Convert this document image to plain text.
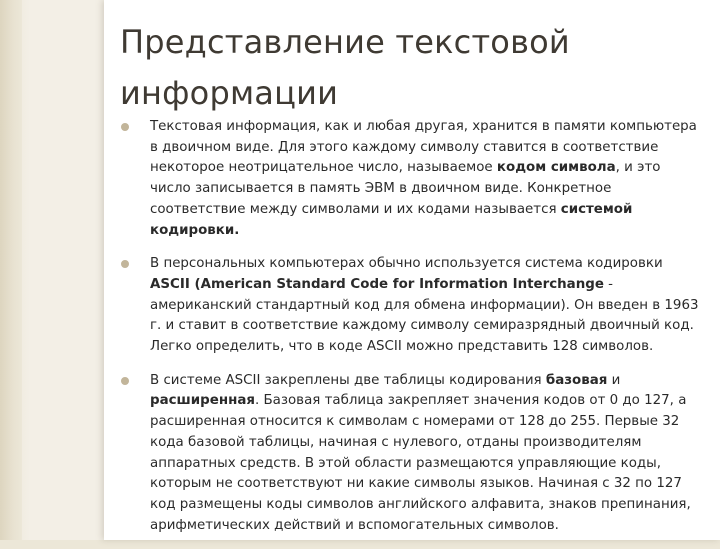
Представление текстовой информации
Текстовая информация, как и любая другая, хранится в памяти компьютера в двоичном виде. Для этого каждому символу ставится в соответствие некоторое неотрицательное число, называемое кодом символа, и это число записывается в память ЭВМ в двоичном виде. Конкретное соответствие между символами и их кодами называется системой кодировки.
В персональных компьютерах обычно используется система кодировки ASCII (American Standard Code for Information Interchange - американский стандартный код для обмена информации). Он введен в 1963 г. и ставит в соответствие каждому символу семиразрядный двоичный код. Легко определить, что в коде ASCII можно представить 128 символов.
В системе ASCII закреплены две таблицы кодирования базовая и расширенная. Базовая таблица закрепляет значения кодов от 0 до 127, а расширенная относится к символам с номерами от 128 до 255. Первые 32 кода базовой таблицы, начиная с нулевого, отданы производителям аппаратных средств. В этой области размещаются управляющие коды, которым не соответствуют ни какие символы языков. Начиная с 32 по 127 код размещены коды символов английского алфавита, знаков препинания, арифметических действий и вспомогательных символов.
